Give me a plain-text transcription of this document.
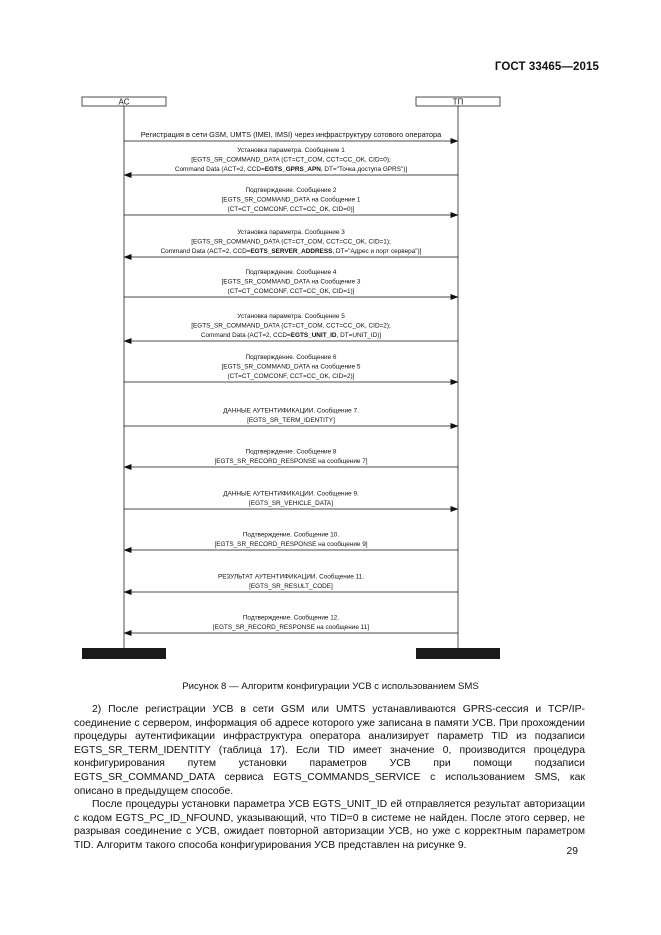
ГОСТ 33465—2015
АС	ТП
Регистрация в сети GSM, UMTS (IMEI, IMSI) через инфраструктуру сотового оператора
Установка параметра. Сообщение 1
[EGTS_SR_COMMAND_DATA (CT=CT_COM, CCT=CC_OK, CID=0);
Command Data (ACT=2, CCD=EGTS_GPRS_APN, DT="Точка доступа GPRS")]
Подтверждение. Сообщение 2
[EGTS_SR_COMMAND_DATA на Сообщение 1
(CT=CT_COMCONF, CCT=CC_OK, CID=0)]
Установка параметра. Сообщение 3
[EGTS_SR_COMMAND_DATA (CT=CT_COM, CCT=CC_OK, CID=1);
Command Data (ACT=2, CCD=EGTS_SERVER_ADDRESS, DT="Адрес и порт сервера")]
Подтверждение. Сообщение 4
[EGTS_SR_COMMAND_DATA на Сообщение 3
(CT=CT_COMCONF, CCT=CC_OK, CID=1)]
Установка параметра. Сообщение 5
[EGTS_SR_COMMAND_DATA (CT=CT_COM, CCT=CC_OK, CID=2);
Command Data (ACT=2, CCD=EGTS_UNIT_ID, DT=UNIT_ID)]
Подтверждение. Сообщение 6
[EGTS_SR_COMMAND_DATA на Сообщение 5
(CT=CT_COMCONF, CCT=CC_OK, CID=2)]
ДАННЫЕ АУТЕНТИФИКАЦИИ. Сообщение 7.
[EGTS_SR_TERM_IDENTITY]
Подтверждение. Сообщение 8
[EGTS_SR_RECORD_RESPONSE на сообщение 7]
ДАННЫЕ АУТЕНТИФИКАЦИИ. Сообщение 9.
[EGTS_SR_VEHICLE_DATA]
Подтверждение. Сообщение 10.
[EGTS_SR_RECORD_RESPONSE на сообщение 9]
РЕЗУЛЬТАТ АУТЕНТИФИКАЦИИ. Сообщение 11.
[EGTS_SR_RESULT_CODE]
Подтверждение. Сообщение 12.
[EGTS_SR_RECORD_RESPONSE на сообщение 11]
Рисунок 8 — Алгоритм конфигурации УСВ с использованием SMS

2) После регистрации УСВ в сети GSM или UMTS устанавливаются GPRS-сессия и TCP/IP-соединение с сервером, информация об адресе которого уже записана в памяти УСВ. При прохождении процедуры аутентификации инфраструктура оператора анализирует параметр TID из подзаписи EGTS_SR_TERM_IDENTITY (таблица 17). Если TID имеет значение 0, производится процедура конфигурирования путем установки параметров УСВ при помощи подзаписи EGTS_SR_COMMAND_DATA сервиса EGTS_COMMANDS_SERVICE с использованием SMS, как описано в предыдущем способе.

После процедуры установки параметра УСВ EGTS_UNIT_ID ей отправляется результат авторизации с кодом EGTS_PC_ID_NFOUND, указывающий, что TID=0 в системе не найден. После этого сервер, не разрывая соединение с УСВ, ожидает повторной авторизации УСВ, но уже с корректным параметром TID. Алгоритм такого способа конфигурирования УСВ представлен на рисунке 9.

29
